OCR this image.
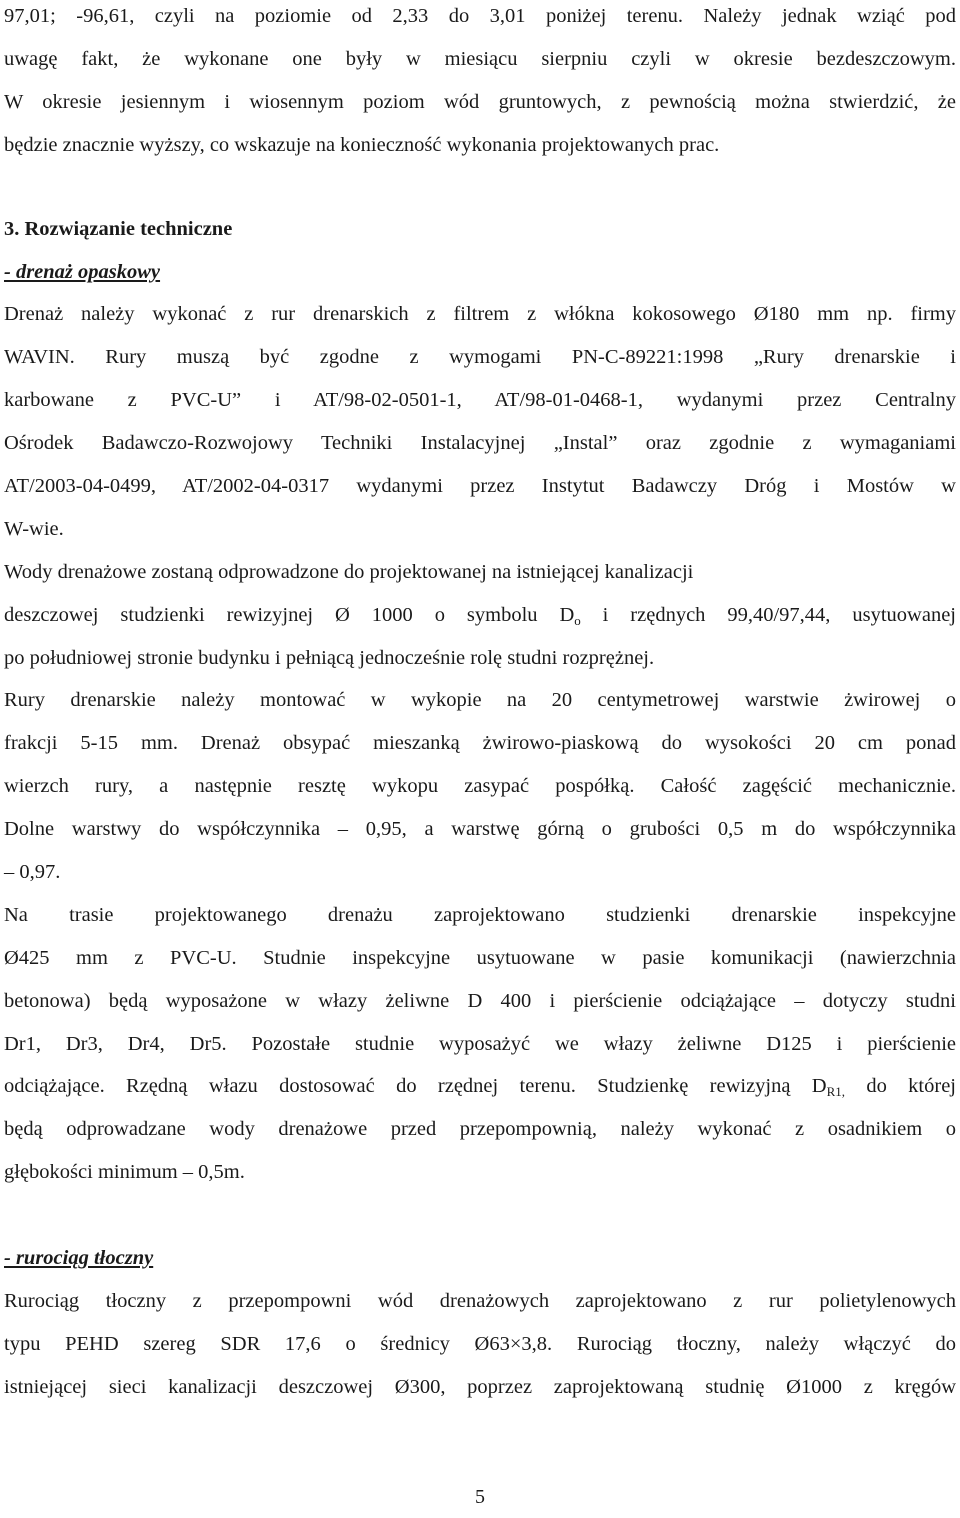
97,01; -96,61, czyli na poziomie od 2,33 do 3,01 poniżej terenu. Należy jednak wziąć pod
uwagę fakt, że wykonane one były w miesiącu sierpniu czyli w okresie bezdeszczowym.
W okresie jesiennym i wiosennym poziom wód gruntowych, z pewnością można stwierdzić, że
będzie znacznie wyższy, co wskazuje na konieczność wykonania projektowanych prac.
3. Rozwiązanie techniczne
- drenaż opaskowy
Drenaż należy wykonać z rur drenarskich z filtrem z włókna kokosowego Ø180 mm np. firmy
WAVIN. Rury muszą być zgodne z wymogami PN-C-89221:1998 „Rury drenarskie i
karbowane z PVC-U” i AT/98-02-0501-1, AT/98-01-0468-1, wydanymi przez Centralny
Ośrodek Badawczo-Rozwojowy Techniki Instalacyjnej „Instal” oraz zgodnie z wymaganiami
AT/2003-04-0499, AT/2002-04-0317 wydanymi przez Instytut Badawczy Dróg i Mostów w
W-wie.
Wody drenażowe zostaną odprowadzone do projektowanej na istniejącej kanalizacji
deszczowej studzienki rewizyjnej Ø 1000 o symbolu $D_o$ i rzędnych 99,40/97,44, usytuowanej
po południowej stronie budynku i pełniącą jednocześnie rolę studni rozprężnej.
Rury drenarskie należy montować w wykopie na 20 centymetrowej warstwie żwirowej o
frakcji 5-15 mm. Drenaż obsypać mieszanką żwirowo-piaskową do wysokości 20 cm ponad
wierzch rury, a następnie resztę wykopu zasypać pospółką. Całość zagęścić mechanicznie.
Dolne warstwy do współczynnika – 0,95, a warstwę górną o grubości 0,5 m do współczynnika
– 0,97.
Na trasie projektowanego drenażu zaprojektowano studzienki drenarskie inspekcyjne
Ø425 mm z PVC-U. Studnie inspekcyjne usytuowane w pasie komunikacji (nawierzchnia
betonowa) będą wyposażone w włazy żeliwne D 400 i pierścienie odciążające – dotyczy studni
Dr1, Dr3, Dr4, Dr5. Pozostałe studnie wyposażyć we włazy żeliwne D125 i pierścienie
odciążające. Rzędną włazu dostosować do rzędnej terenu. Studzienkę rewizyjną $D_{R1,}$ do której
będą odprowadzane wody drenażowe przed przepompownią, należy wykonać z osadnikiem o
głębokości minimum – 0,5m.
- rurociąg tłoczny
Rurociąg tłoczny z przepompowni wód drenażowych zaprojektowano z rur polietylenowych
typu PEHD szereg SDR 17,6 o średnicy Ø63×3,8. Rurociąg tłoczny, należy włączyć do
istniejącej sieci kanalizacji deszczowej Ø300, poprzez zaprojektowaną studnię Ø1000 z kręgów
5
